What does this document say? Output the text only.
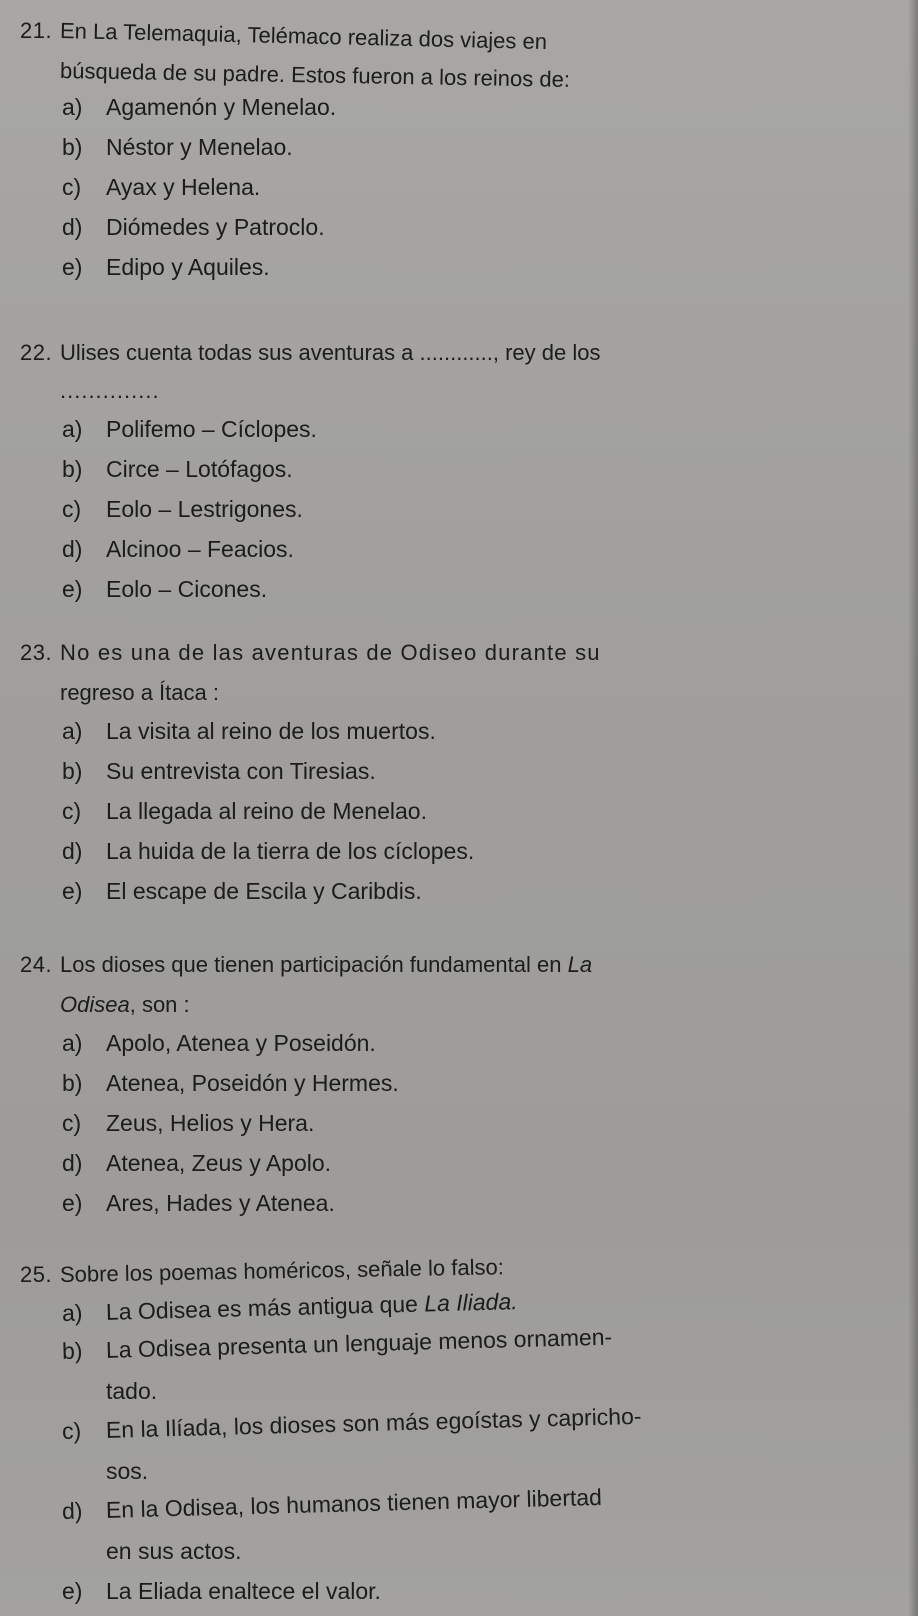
21. En La Telemaquia, Telémaco realiza dos viajes en
búsqueda de su padre. Estos fueron a los reinos de:
a) Agamenón y Menelao.
b) Néstor y Menelao.
c) Ayax y Helena.
d) Diómedes y Patroclo.
e) Edipo y Aquiles.
22. Ulises cuenta todas sus aventuras a ............, rey de los
..............
a) Polifemo – Cíclopes.
b) Circe – Lotófagos.
c) Eolo – Lestrigones.
d) Alcinoo – Feacios.
e) Eolo – Cicones.
23. No es una de las aventuras de Odiseo durante su
regreso a Ítaca :
a) La visita al reino de los muertos.
b) Su entrevista con Tiresias.
c) La llegada al reino de Menelao.
d) La huida de la tierra de los cíclopes.
e) El escape de Escila y Caribdis.
24. Los dioses que tienen participación fundamental en La
Odisea, son :
a) Apolo, Atenea y Poseidón.
b) Atenea, Poseidón y Hermes.
c) Zeus, Helios y Hera.
d) Atenea, Zeus y Apolo.
e) Ares, Hades y Atenea.
25. Sobre los poemas homéricos, señale lo falso:
a) La Odisea es más antigua que La Iliada.
b) La Odisea presenta un lenguaje menos ornamen-
tado.
c) En la Ilíada, los dioses son más egoístas y capricho-
sos.
d) En la Odisea, los humanos tienen mayor libertad
en sus actos.
e) La Eliada enaltece el valor.
